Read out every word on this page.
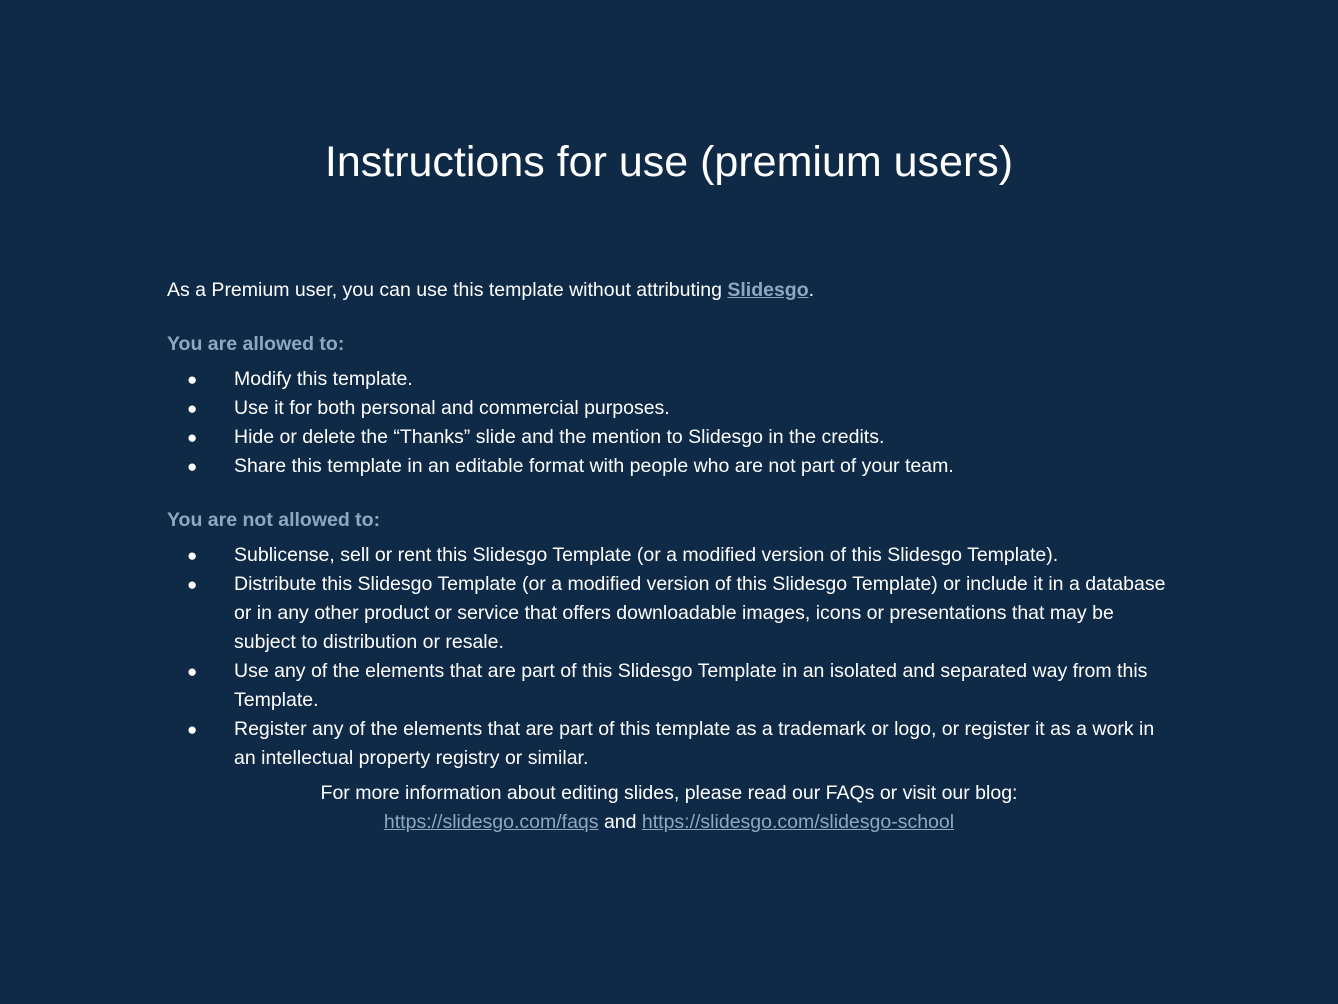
Instructions for use (premium users)

As a Premium user, you can use this template without attributing Slidesgo.

You are allowed to:

● Modify this template.
● Use it for both personal and commercial purposes.
● Hide or delete the “Thanks” slide and the mention to Slidesgo in the credits.
● Share this template in an editable format with people who are not part of your team.

You are not allowed to:

● Sublicense, sell or rent this Slidesgo Template (or a modified version of this Slidesgo Template).
● Distribute this Slidesgo Template (or a modified version of this Slidesgo Template) or include it in a database or in any other product or service that offers downloadable images, icons or presentations that may be subject to distribution or resale.
● Use any of the elements that are part of this Slidesgo Template in an isolated and separated way from this Template.
● Register any of the elements that are part of this template as a trademark or logo, or register it as a work in an intellectual property registry or similar.

For more information about editing slides, please read our FAQs or visit our blog:

https://slidesgo.com/faqs and https://slidesgo.com/slidesgo-school
